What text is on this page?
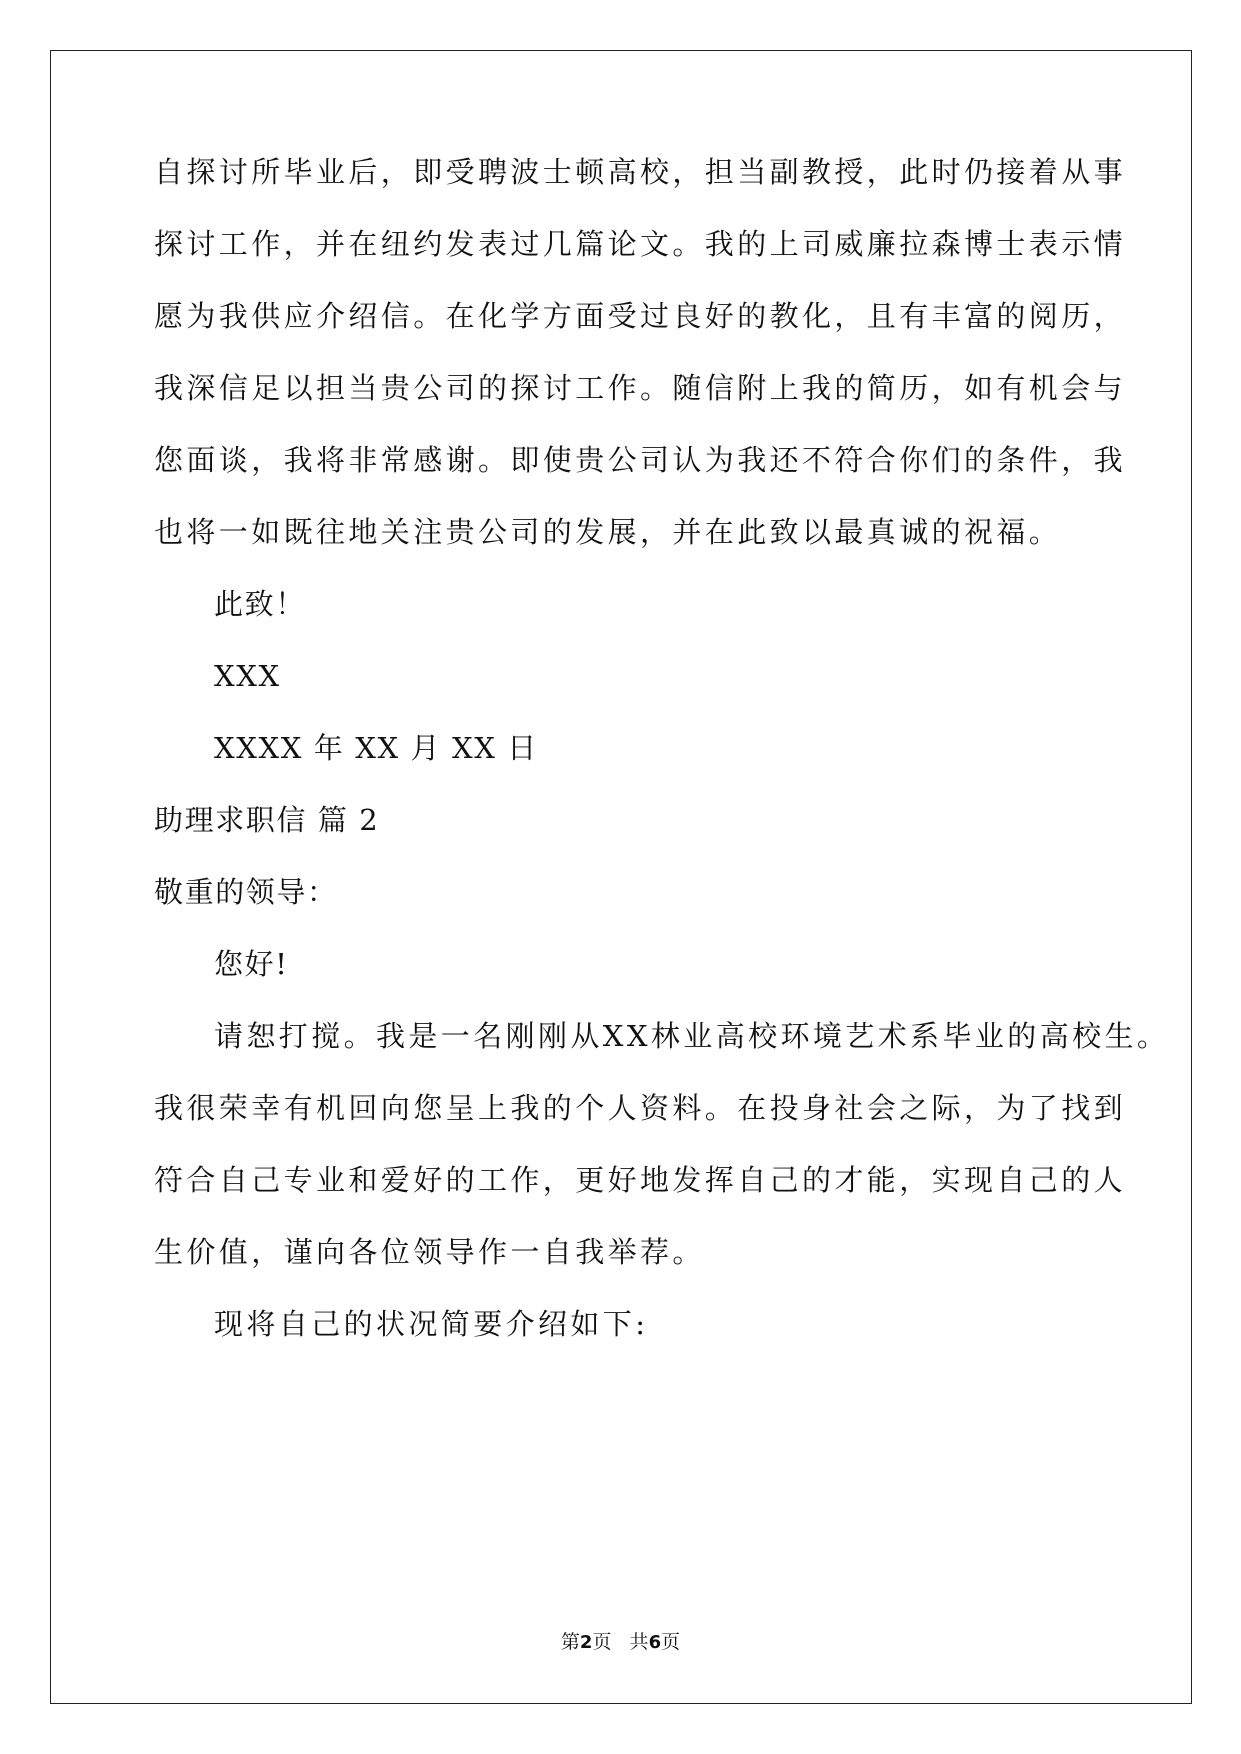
自探讨所毕业后，即受聘波士顿高校，担当副教授，此时仍接着从事
探讨工作，并在纽约发表过几篇论文。我的上司威廉拉森博士表示情
愿为我供应介绍信。在化学方面受过良好的教化，且有丰富的阅历，
我深信足以担当贵公司的探讨工作。随信附上我的简历，如有机会与
您面谈，我将非常感谢。即使贵公司认为我还不符合你们的条件，我
也将一如既往地关注贵公司的发展，并在此致以最真诚的祝福。
此致！
XXX
XXXX 年 XX 月 XX 日
助理求职信 篇 2
敬重的领导：
您好!
请恕打搅。我是一名刚刚从XX林业高校环境艺术系毕业的高校生。
我很荣幸有机回向您呈上我的个人资料。在投身社会之际，为了找到
符合自己专业和爱好的工作，更好地发挥自己的才能，实现自己的人
生价值，谨向各位领导作一自我举荐。
现将自己的状况简要介绍如下:
第2页   共6页
